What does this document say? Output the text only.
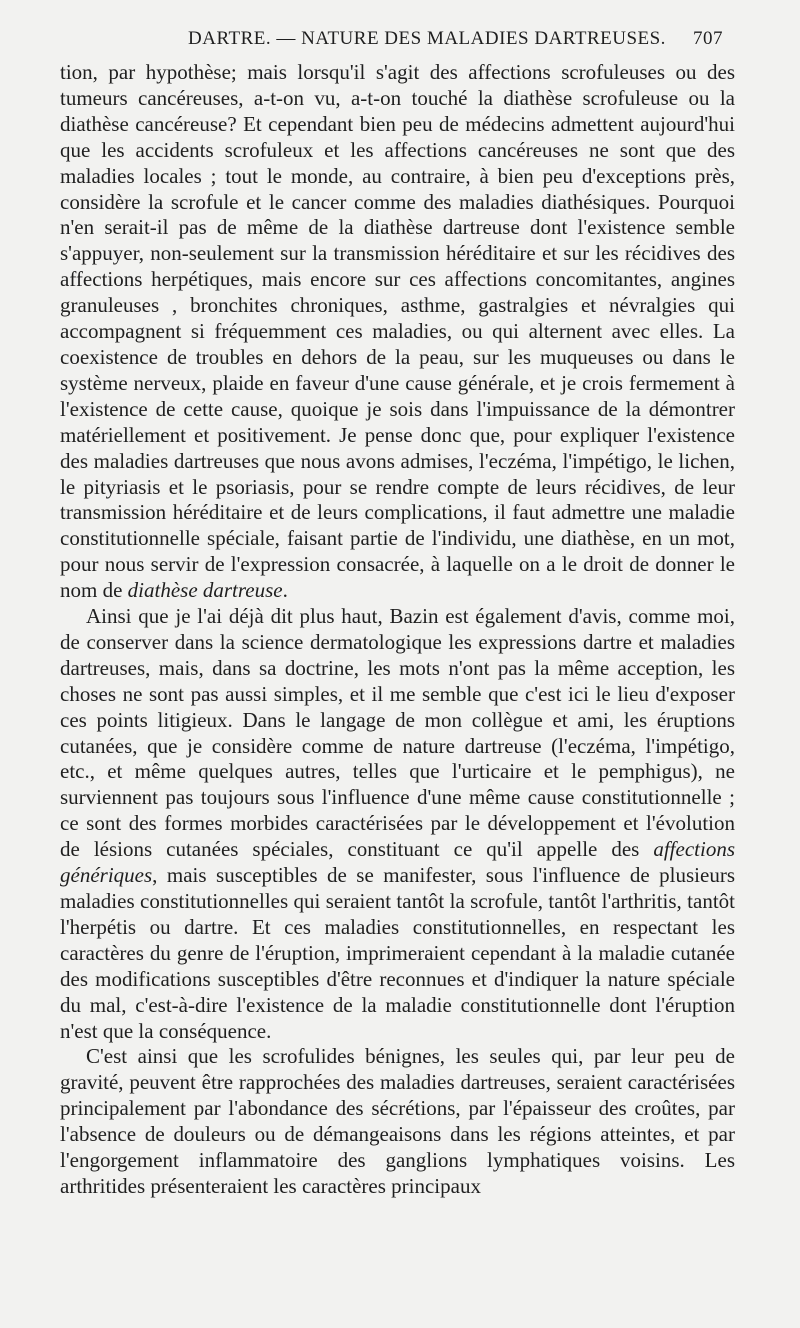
DARTRE. — NATURE DES MALADIES DARTREUSES. 707

tion, par hypothèse; mais lorsqu'il s'agit des affections scrofuleuses ou des tumeurs cancéreuses, a-t-on vu, a-t-on touché la diathèse scrofuleuse ou la diathèse cancéreuse? Et cependant bien peu de médecins admettent aujourd'hui que les accidents scrofuleux et les affections cancéreuses ne sont que des maladies locales ; tout le monde, au contraire, à bien peu d'exceptions près, considère la scrofule et le cancer comme des maladies diathésiques. Pourquoi n'en serait-il pas de même de la diathèse dartreuse dont l'existence semble s'appuyer, non-seulement sur la transmission héréditaire et sur les récidives des affections herpétiques, mais encore sur ces affections concomitantes, angines granuleuses , bronchites chroniques, asthme, gastralgies et névralgies qui accompagnent si fréquemment ces maladies, ou qui alternent avec elles. La coexistence de troubles en dehors de la peau, sur les muqueuses ou dans le système nerveux, plaide en faveur d'une cause générale, et je crois fermement à l'existence de cette cause, quoique je sois dans l'impuissance de la démontrer matériellement et positivement. Je pense donc que, pour expliquer l'existence des maladies dartreuses que nous avons admises, l'eczéma, l'impétigo, le lichen, le pityriasis et le psoriasis, pour se rendre compte de leurs récidives, de leur transmission héréditaire et de leurs complications, il faut admettre une maladie constitutionnelle spéciale, faisant partie de l'individu, une diathèse, en un mot, pour nous servir de l'expression consacrée, à laquelle on a le droit de donner le nom de diathèse dartreuse.

Ainsi que je l'ai déjà dit plus haut, Bazin est également d'avis, comme moi, de conserver dans la science dermatologique les expressions dartre et maladies dartreuses, mais, dans sa doctrine, les mots n'ont pas la même acception, les choses ne sont pas aussi simples, et il me semble que c'est ici le lieu d'exposer ces points litigieux. Dans le langage de mon collègue et ami, les éruptions cutanées, que je considère comme de nature dartreuse (l'eczéma, l'impétigo, etc., et même quelques autres, telles que l'urticaire et le pemphigus), ne surviennent pas toujours sous l'influence d'une même cause constitutionnelle ; ce sont des formes morbides caractérisées par le développement et l'évolution de lésions cutanées spéciales, constituant ce qu'il appelle des affections génériques, mais susceptibles de se manifester, sous l'influence de plusieurs maladies constitutionnelles qui seraient tantôt la scrofule, tantôt l'arthritis, tantôt l'herpétis ou dartre. Et ces maladies constitutionnelles, en respectant les caractères du genre de l'éruption, imprimeraient cependant à la maladie cutanée des modifications susceptibles d'être reconnues et d'indiquer la nature spéciale du mal, c'est-à-dire l'existence de la maladie constitutionnelle dont l'éruption n'est que la conséquence.

C'est ainsi que les scrofulides bénignes, les seules qui, par leur peu de gravité, peuvent être rapprochées des maladies dartreuses, seraient caractérisées principalement par l'abondance des sécrétions, par l'épaisseur des croûtes, par l'absence de douleurs ou de démangeaisons dans les régions atteintes, et par l'engorgement inflammatoire des ganglions lymphatiques voisins. Les arthritides présenteraient les caractères principaux
